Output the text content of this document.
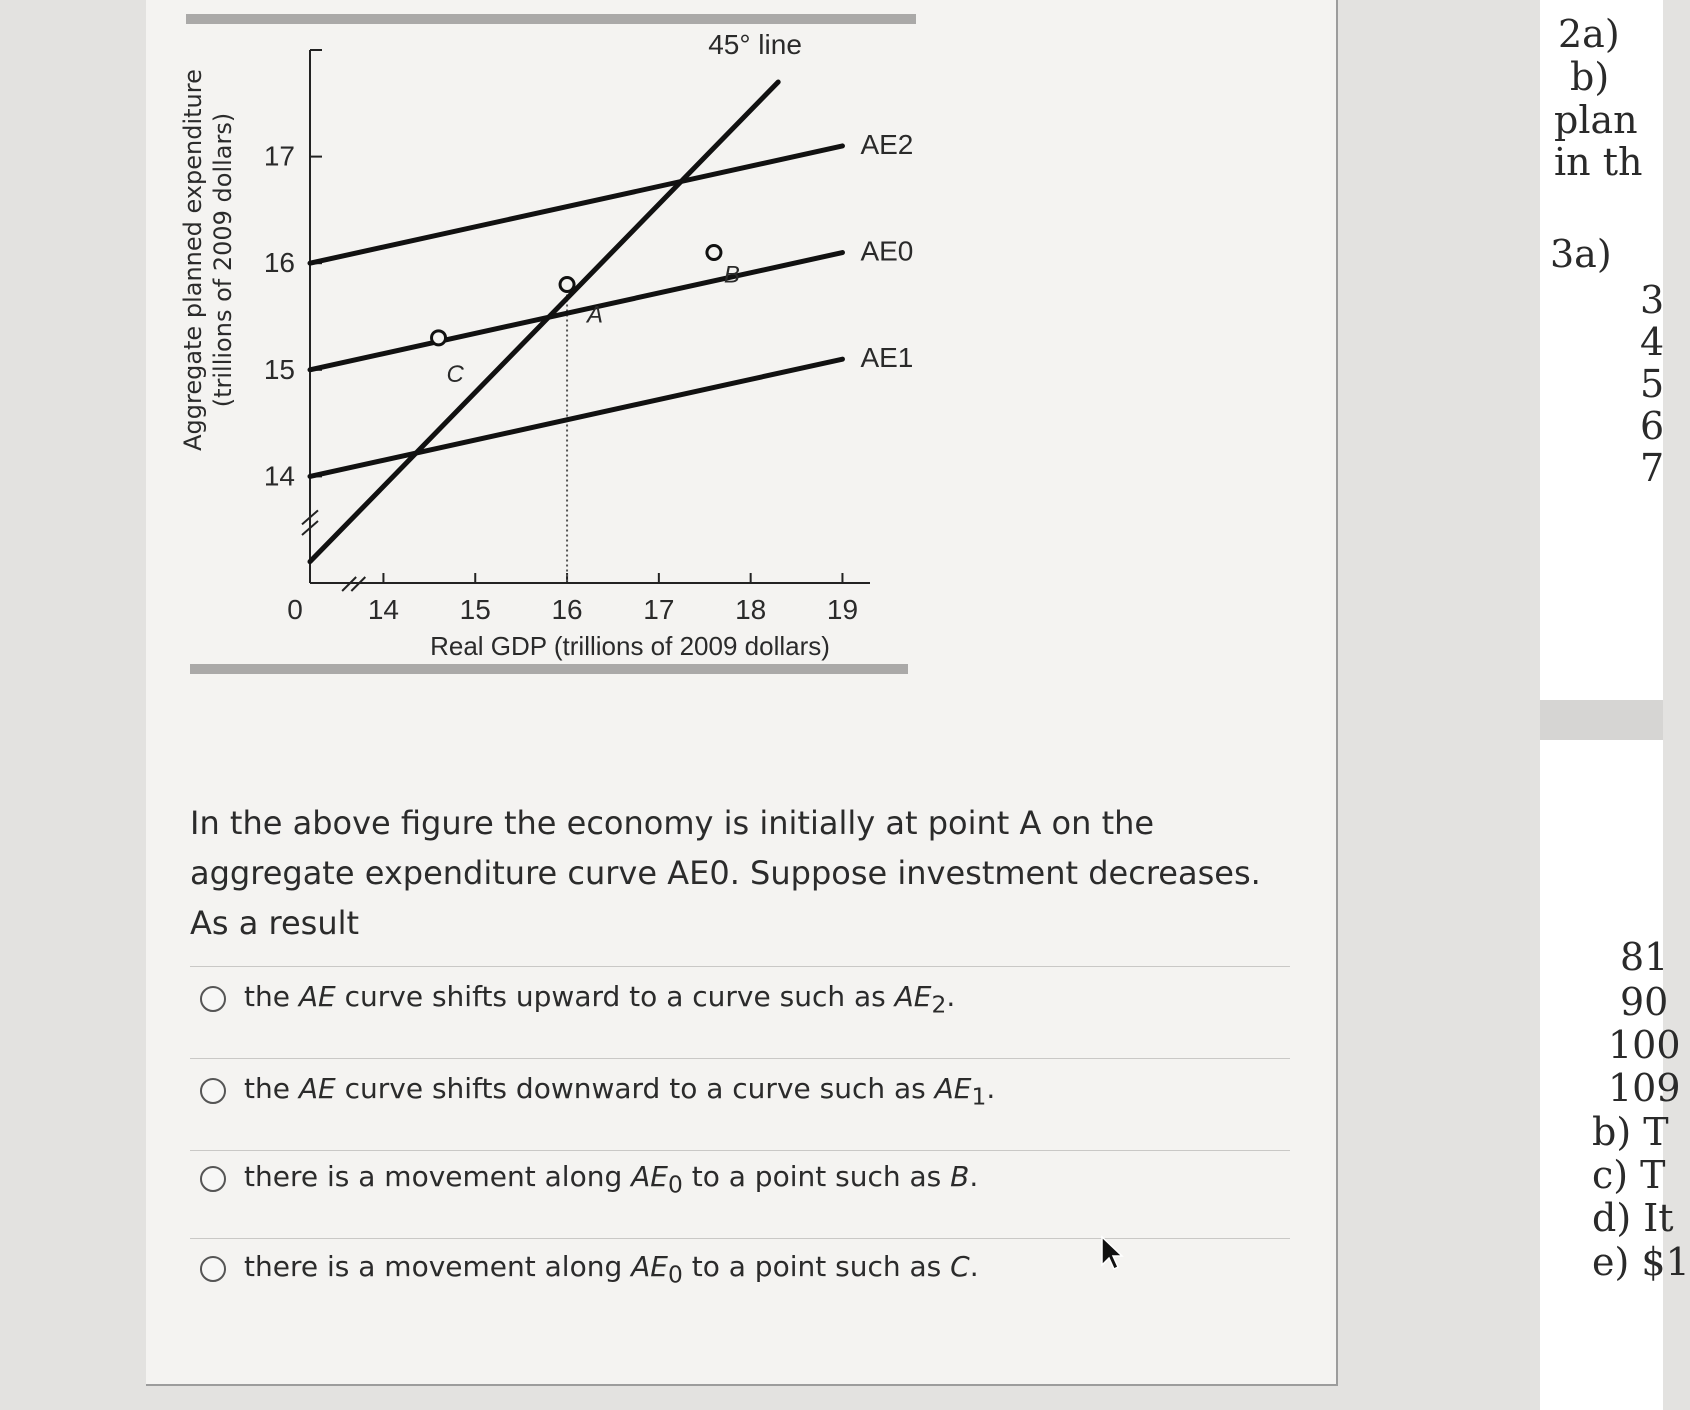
14
15
16
17
0 14 15 16 17 18 19
Real GDP (trillions of 2009 dollars)
45° line
AE2
AE0
AE1
A
B
C
Aggregate planned expenditure (trillions of 2009 dollars)
In the above figure the economy is initially at point A on the aggregate expenditure curve AE0. Suppose investment decreases. As a result
the AE curve shifts upward to a curve such as $AE_2$.
the AE curve shifts downward to a curve such as $AE_1$.
there is a movement along $AE_0$ to a point such as B.
there is a movement along $AE_0$ to a point such as C.
2a)
b)
plan
in th
3a)
3
4
5
6
7
81
90
100
109
b) T
c) T
d) It
e) $1
